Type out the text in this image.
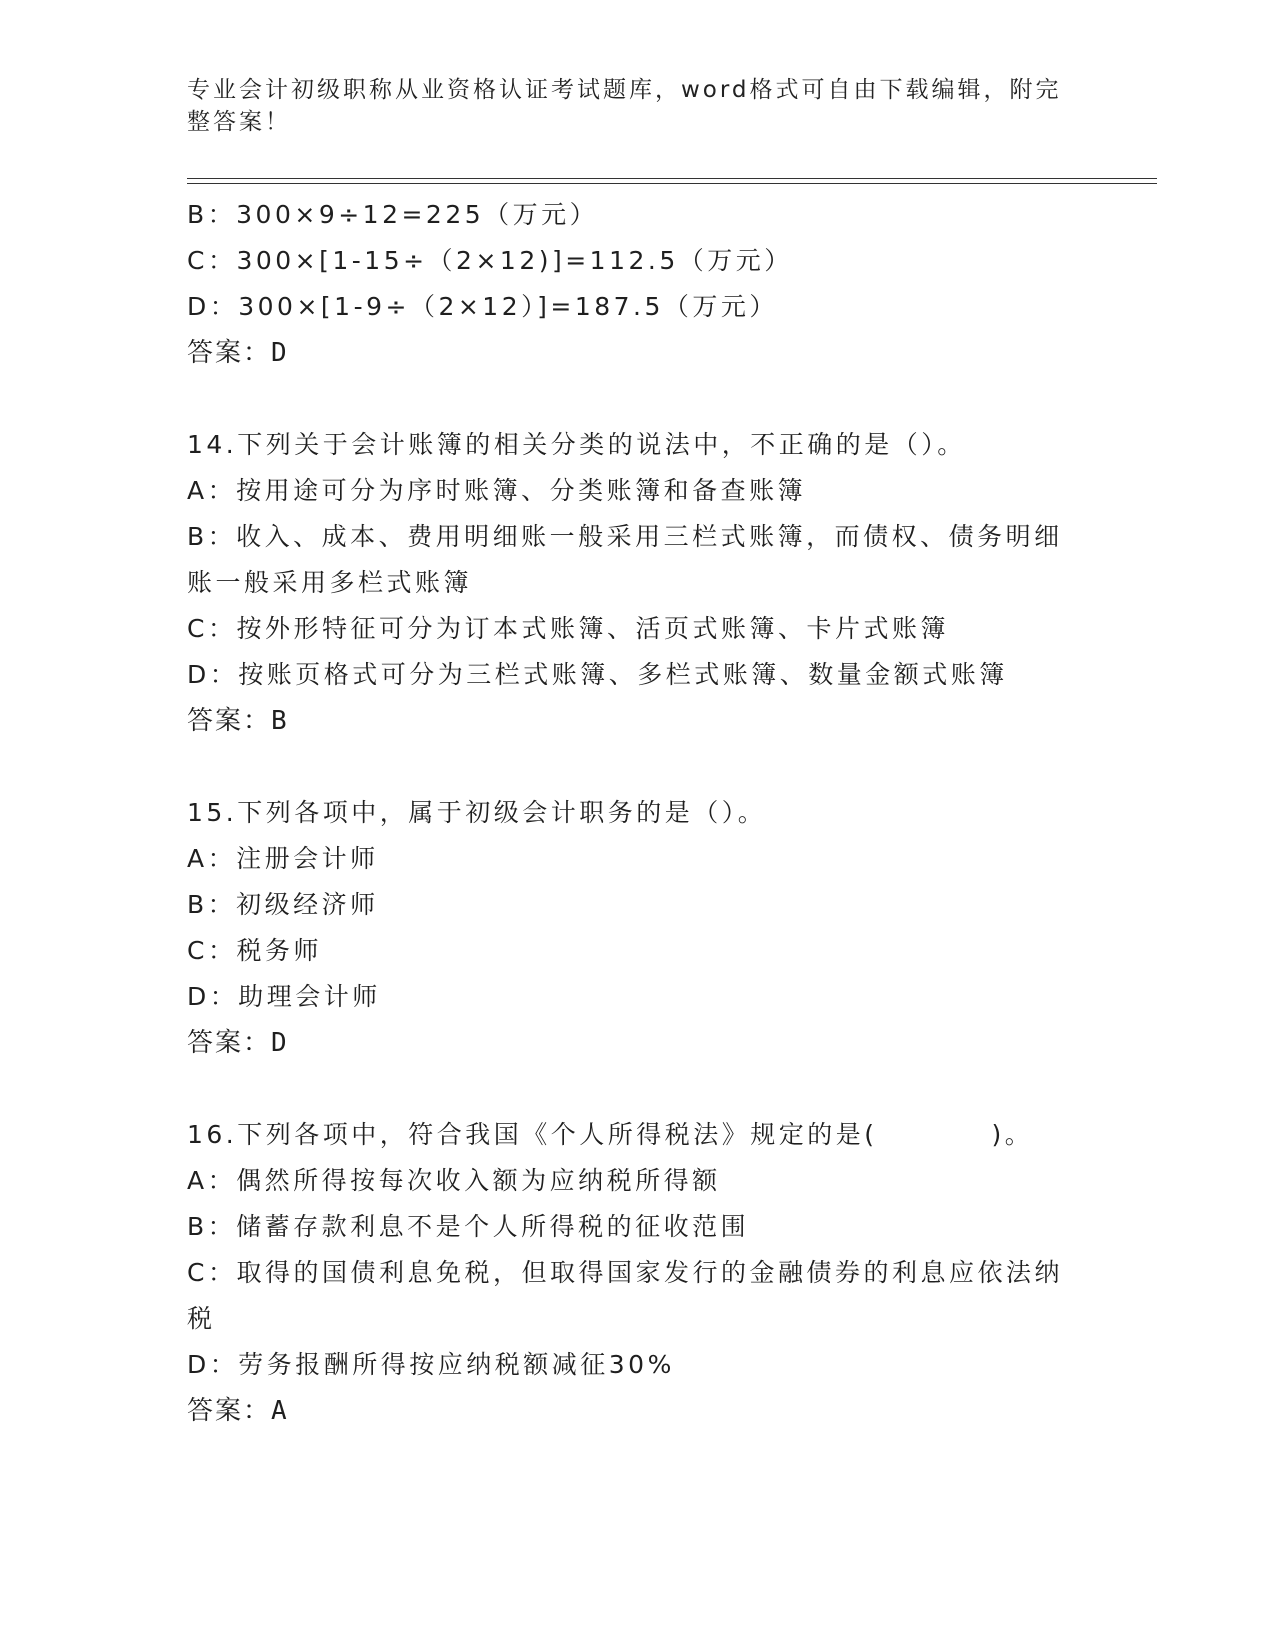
专业会计初级职称从业资格认证考试题库，word格式可自由下载编辑，附完整答案！
B：300×9÷12=225（万元）
C：300×[1-15÷（2×12)]=112.5（万元）
D：300×[1-9÷（2×12）]=187.5（万元）
答案：D
14.下列关于会计账簿的相关分类的说法中，不正确的是（）。
A：按用途可分为序时账簿、分类账簿和备查账簿
B：收入、成本、费用明细账一般采用三栏式账簿，而债权、债务明细账一般采用多栏式账簿
C：按外形特征可分为订本式账簿、活页式账簿、卡片式账簿
D：按账页格式可分为三栏式账簿、多栏式账簿、数量金额式账簿
答案：B
15.下列各项中，属于初级会计职务的是（）。
A：注册会计师
B：初级经济师
C：税务师
D：助理会计师
答案：D
16.下列各项中，符合我国《个人所得税法》规定的是(　　　　)。
A：偶然所得按每次收入额为应纳税所得额
B：储蓄存款利息不是个人所得税的征收范围
C：取得的国债利息免税，但取得国家发行的金融债券的利息应依法纳税
D：劳务报酬所得按应纳税额减征30%
答案：A
